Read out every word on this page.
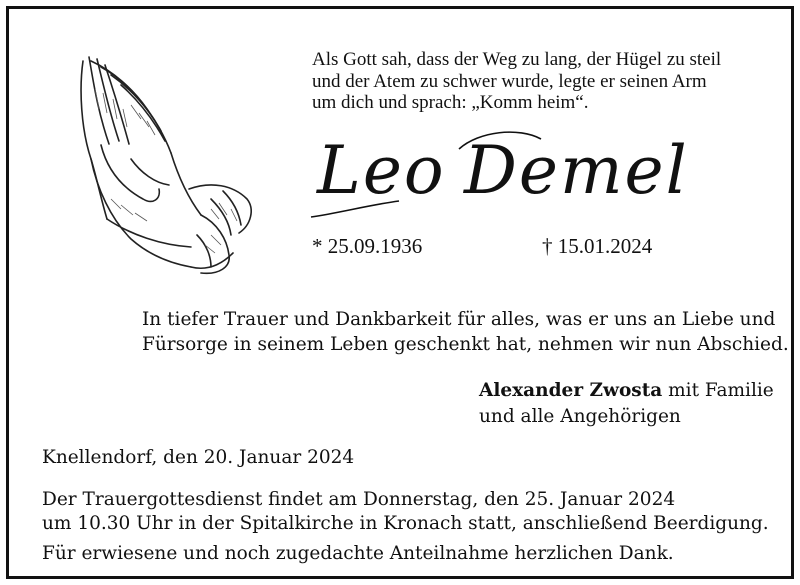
Als Gott sah, dass der Weg zu lang, der Hügel zu steil
und der Atem zu schwer wurde, legte er seinen Arm
um dich und sprach: „Komm heim“.
Leo Demel
* 25.09.1936	† 15.01.2024
In tiefer Trauer und Dankbarkeit für alles, was er uns an Liebe und
Fürsorge in seinem Leben geschenkt hat, nehmen wir nun Abschied.
Alexander Zwosta mit Familie
und alle Angehörigen
Knellendorf, den 20. Januar 2024
Der Trauergottesdienst findet am Donnerstag, den 25. Januar 2024
um 10.30 Uhr in der Spitalkirche in Kronach statt, anschließend Beerdigung.
Für erwiesene und noch zugedachte Anteilnahme herzlichen Dank.
